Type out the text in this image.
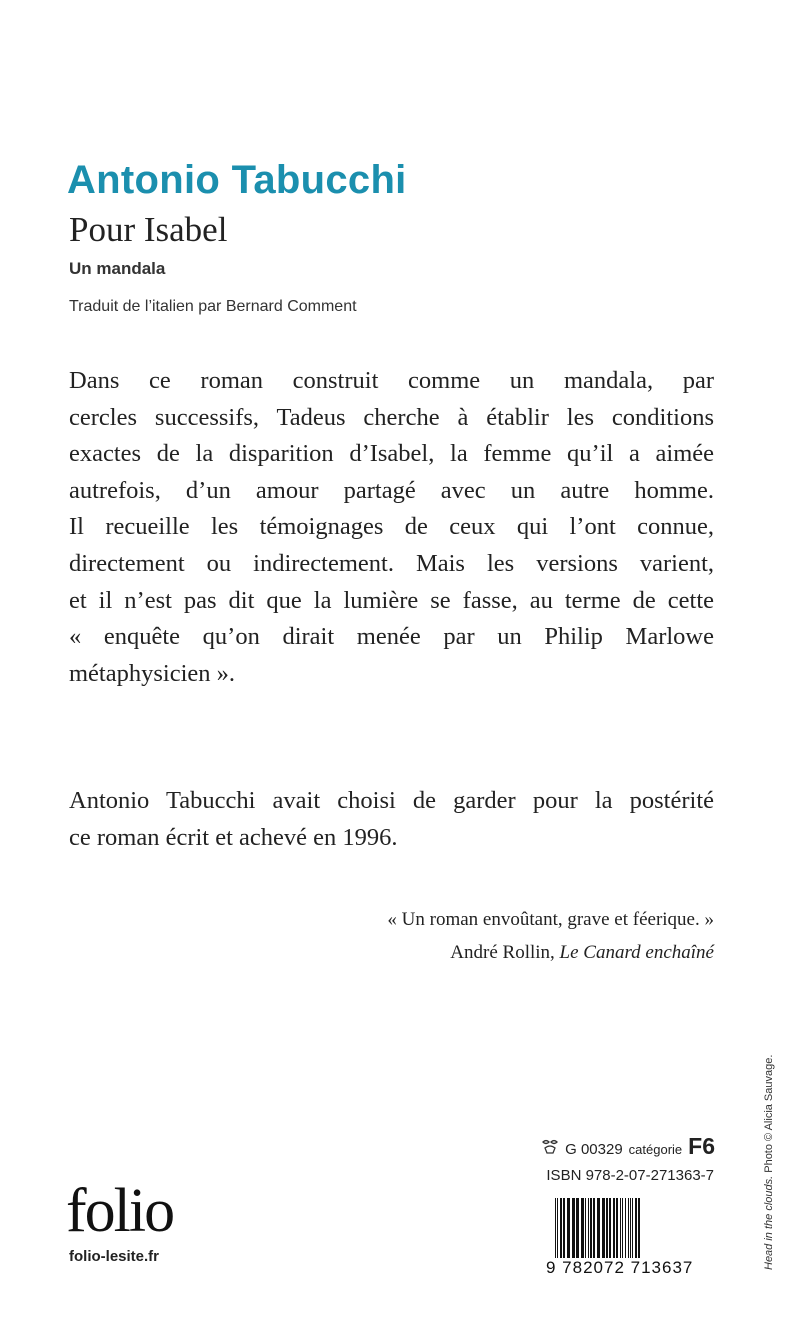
Antonio Tabucchi
Pour Isabel
Un mandala
Traduit de l’italien par Bernard Comment
Dans ce roman construit comme un mandala, par
cercles successifs, Tadeus cherche à établir les conditions
exactes de la disparition d’Isabel, la femme qu’il a aimée
autrefois, d’un amour partagé avec un autre homme.
Il recueille les témoignages de ceux qui l’ont connue,
directement ou indirectement. Mais les versions varient,
et il n’est pas dit que la lumière se fasse, au terme de cette
« enquête qu’on dirait menée par un Philip Marlowe
métaphysicien ».
Antonio Tabucchi avait choisi de garder pour la postérité
ce roman écrit et achevé en 1996.
« Un roman envoûtant, grave et féerique. »
André Rollin, Le Canard enchaîné
Head in the clouds. Photo © Alicia Sauvage.
folio
folio-lesite.fr
G 00329 catégorie F6
ISBN 978-2-07-271363-7
9 782072 713637
